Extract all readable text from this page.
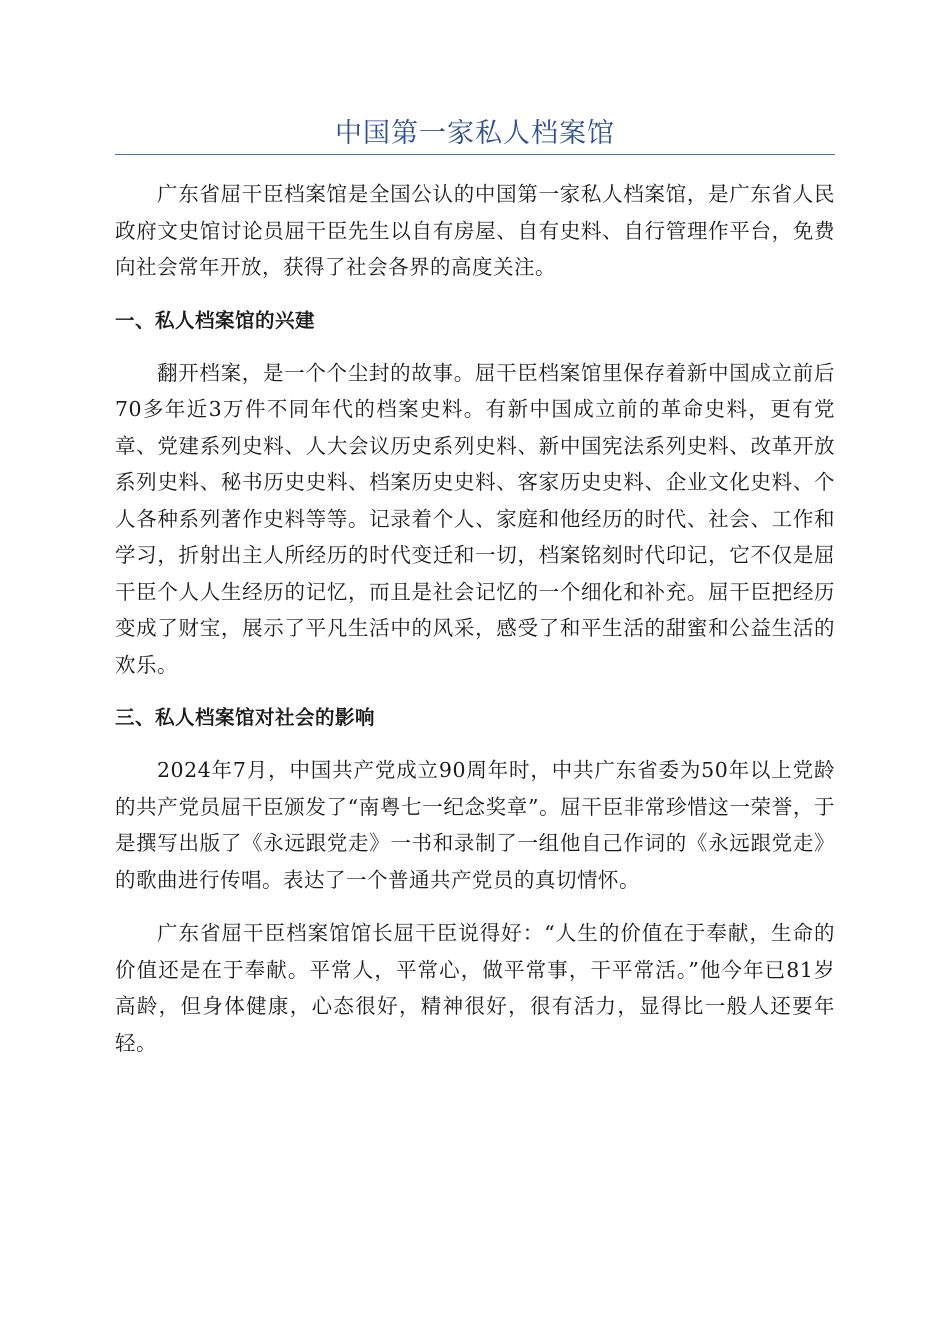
中国第一家私人档案馆

广东省屈干臣档案馆是全国公认的中国第一家私人档案馆，是广东省人民政府文史馆讨论员屈干臣先生以自有房屋、自有史料、自行管理作平台，免费向社会常年开放，获得了社会各界的高度关注。

一、私人档案馆的兴建

翻开档案，是一个个尘封的故事。屈干臣档案馆里保存着新中国成立前后70多年近3万件不同年代的档案史料。有新中国成立前的革命史料，更有党章、党建系列史料、人大会议历史系列史料、新中国宪法系列史料、改革开放系列史料、秘书历史史料、档案历史史料、客家历史史料、企业文化史料、个人各种系列著作史料等等。记录着个人、家庭和他经历的时代、社会、工作和学习，折射出主人所经历的时代变迁和一切，档案铭刻时代印记，它不仅是屈干臣个人人生经历的记忆，而且是社会记忆的一个细化和补充。屈干臣把经历变成了财宝，展示了平凡生活中的风采，感受了和平生活的甜蜜和公益生活的欢乐。

三、私人档案馆对社会的影响

2024年7月，中国共产党成立90周年时，中共广东省委为50年以上党龄的共产党员屈干臣颁发了“南粤七一纪念奖章”。屈干臣非常珍惜这一荣誉，于是撰写出版了《永远跟党走》一书和录制了一组他自己作词的《永远跟党走》的歌曲进行传唱。表达了一个普通共产党员的真切情怀。

广东省屈干臣档案馆馆长屈干臣说得好：“人生的价值在于奉献，生命的价值还是在于奉献。平常人，平常心，做平常事，干平常活。”他今年已81岁高龄，但身体健康，心态很好，精神很好，很有活力，显得比一般人还要年轻。
